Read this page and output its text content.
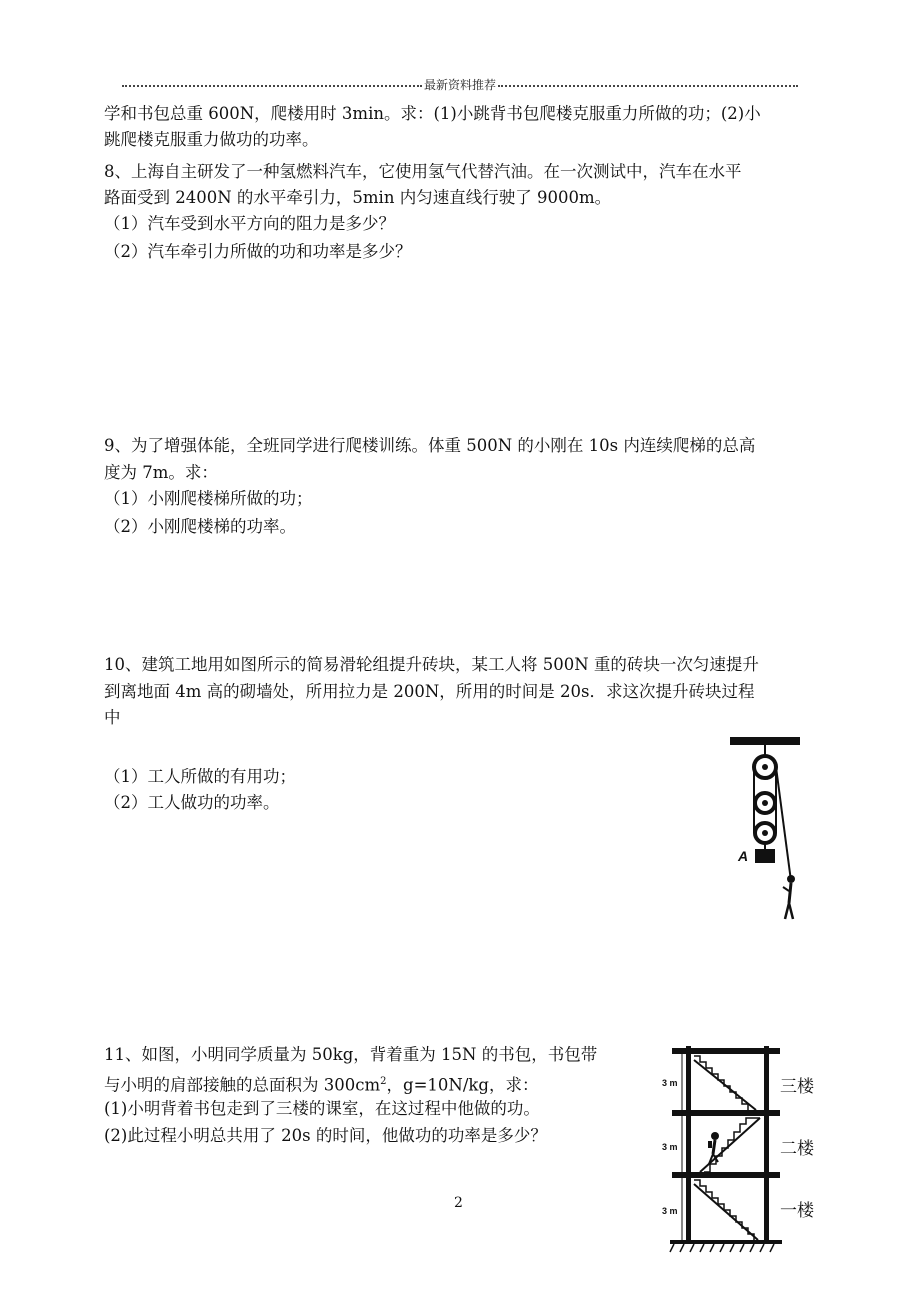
最新资料推荐
学和书包总重 600N，爬楼用时 3min。求：(1)小跳背书包爬楼克服重力所做的功；(2)小
跳爬楼克服重力做功的功率。
8、上海自主研发了一种氢燃料汽车，它使用氢气代替汽油。在一次测试中，汽车在水平
路面受到 2400N 的水平牵引力，5min 内匀速直线行驶了 9000m。
（1）汽车受到水平方向的阻力是多少？
（2）汽车牵引力所做的功和功率是多少？
9、为了增强体能，全班同学进行爬楼训练。体重 500N 的小刚在 10s 内连续爬梯的总高
度为 7m。求：
（1）小刚爬楼梯所做的功；
（2）小刚爬楼梯的功率。
10、建筑工地用如图所示的简易滑轮组提升砖块，某工人将 500N 重的砖块一次匀速提升
到离地面 4m 高的砌墙处，所用拉力是 200N，所用的时间是 20s．求这次提升砖块过程
中
（1）工人所做的有用功；
（2）工人做功的功率。
11、如图，小明同学质量为 50kg，背着重为 15N 的书包，书包带
与小明的肩部接触的总面积为 $300cm^2$，g=10N/kg，求：
(1)小明背着书包走到了三楼的课室，在这过程中他做的功。
(2)此过程小明总共用了 20s 的时间，他做功的功率是多少？
2
A
3 m
3 m
3 m
三楼
二楼
一楼
